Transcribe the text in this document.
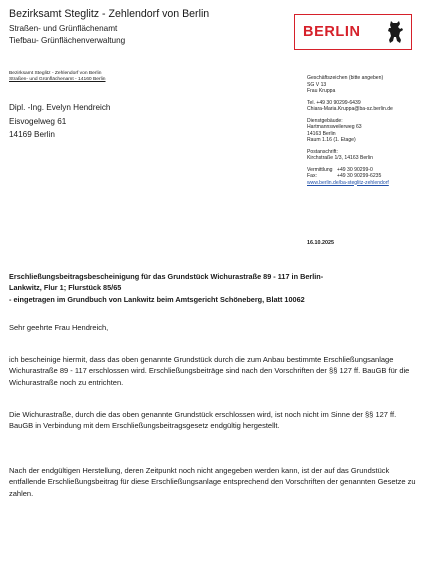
Bezirksamt Steglitz - Zehlendorf von Berlin
Straßen- und Grünflächenamt
Tiefbau- Grünflächenverwaltung
BERLIN
Bezirksamt Steglitz - Zehlendorf von Berlin
Straßen- und Grünflächenamt - 14160 Berlin
Dipl. -Ing. Evelyn Hendreich
Eisvogelweg 61
14169 Berlin
Geschäftszeichen (bitte angeben)
SG V 13
Frau Kruppa
Tel. +49 30 90299-6439
Chiara-Maria.Kruppa@ba-sz.berlin.de
Dienstgebäude:
Hartmannsweilerweg 63
14163 Berlin
Raum 1.16 (1. Etage)
Postanschrift:
Kirchstraße 1/3, 14163 Berlin
Vermittlung +49 30 90299-0
Fax:	+49 30 90299-6235
www.berlin.de/ba-steglitz-zehlendorf
16.10.2025
Erschließungsbeitragsbescheinigung für das Grundstück Wichurastraße 89 - 117 in Berlin-
Lankwitz, Flur 1; Flurstück 85/65
- eingetragen im Grundbuch von Lankwitz beim Amtsgericht Schöneberg, Blatt 10062
Sehr geehrte Frau Hendreich,
ich bescheinige hiermit, dass das oben genannte Grundstück durch die zum Anbau bestimmte Erschließungsanlage Wichurastraße 89 - 117 erschlossen wird. Erschließungsbeiträge sind nach den Vorschriften der §§ 127 ff. BauGB für die Wichurastraße noch zu entrichten.
Die Wichurastraße, durch die das oben genannte Grundstück erschlossen wird, ist noch nicht im Sinne der §§ 127 ff. BauGB in Verbindung mit dem Erschließungsbeitragsgesetz endgültig hergestellt.
Nach der endgültigen Herstellung, deren Zeitpunkt noch nicht angegeben werden kann, ist der auf das Grundstück entfallende Erschließungsbeitrag für diese Erschließungsanlage entsprechend den Vorschriften der genannten Gesetze zu zahlen.
